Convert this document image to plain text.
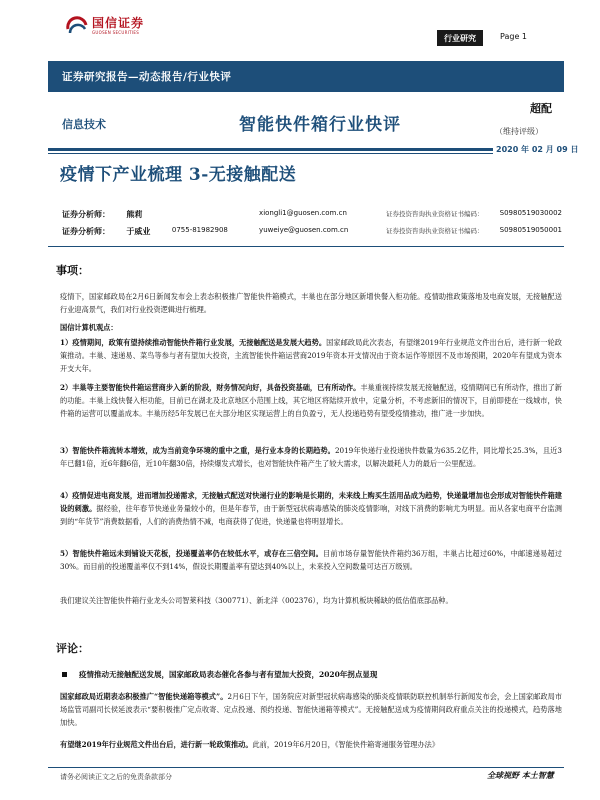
国信证券
GUOSEN SECURITIES
行业研究	Page 1
证券研究报告—动态报告/行业快评
信息技术	智能快件箱行业快评
超配
（维持评级）
2020 年 02 月 09 日
疫情下产业梳理 3-无接触配送
证券分析师：	熊莉	xiongli1@guosen.com.cn	证券投资咨询执业资格证书编码：	S0980519030002
证券分析师：	于威业	0755-81982908	yuweiye@guosen.com.cn	证券投资咨询执业资格证书编码：	S0980519050001
事项：
疫情下，国家邮政局在2月6日新闻发布会上表态积极推广智能快件箱模式，丰巢也在部分地区新增快餐入柜功能。疫情助推政策落地及电商发展，无接触配送行业迎高景气，我们对行业投资逻辑进行梳理。
国信计算机观点：
1）疫情期间，政策有望持续推动智能快件箱行业发展，无接触配送是发展大趋势。国家邮政局此次表态，有望继2019年行业规范文件出台后，进行新一轮政策推动。丰巢、速递易、菜鸟等参与者有望加大投资，主流智能快件箱运营商2019年资本开支情况由于资本运作等原因不及市场预期，2020年有望成为资本开支大年。
2）丰巢等主要智能快件箱运营商步入新的阶段，财务情况向好，具备投资基础，已有所动作。丰巢重视持续发展无接触配送，疫情期间已有所动作，推出了新的功能。丰巢上线快餐入柜功能，目前已在湖北及北京地区小范围上线，其它地区将陆续开放中，定量分析，不考虑新旧的情况下，目前即使在一线城市，快件箱的运营可以覆盖成本。丰巢历经5年发展已在大部分地区实现运营上的自负盈亏，无人投递趋势有望受疫情推动，推广进一步加快。
3）智能快件箱流转本增效，成为当前竞争环境的重中之重，是行业本身的长期趋势。2019年快递行业投递快件数量为635.2亿件，同比增长25.3%，且近3年已翻1倍，近6年翻6倍，近10年翻30倍，持续爆发式增长，也对智能快件箱产生了较大需求，以解决最耗人力的最后一公里配送。
4）疫情促进电商发展，进而增加投递需求，无接触式配送对快递行业的影响是长期的，未来线上购买生活用品成为趋势，快递量增加也会形成对智能快件箱建设的刺激。据经验，往年春节快递业务量较小的，但是年春节，由于新型冠状病毒感染的肺炎疫情影响，对线下消费的影响尤为明显。而从各家电商平台监测到的“年货节”消费数据看，人们的消费热情不减，电商获得了促进，快递量也将明显增长。
5）智能快件箱远未到铺设天花板，投递覆盖率仍在较低水平，或存在三倍空间。目前市场存量智能快件箱约36万组，丰巢占比超过60%，中邮速递易超过30%。而目前的投递覆盖率仅不到14%，假设长期覆盖率有望达到40%以上，未来投入空间数量可达百万级别。
我们建议关注智能快件箱行业龙头公司智莱科技（300771）、新北洋（002376），均为计算机板块稀缺的低估值底部品种。
评论：
疫情推动无接触配送发展，国家邮政局表态催化各参与者有望加大投资，2020年拐点显现
国家邮政局近期表态积极推广“智能快递箱等模式”。2月6日下午，国务院应对新型冠状病毒感染的肺炎疫情联防联控机制举行新闻发布会，会上国家邮政局市场监管司副司长侯延波表示“要积极推广定点收寄、定点投递、预约投递、智能快递箱等模式”。无接触配送成为疫情期间政府重点关注的投递模式，趋势落地加快。
有望继2019年行业规范文件出台后，进行新一轮政策推动。此前，2019年6月20日，《智能快件箱寄递服务管理办法》
请务必阅读正文之后的免责条款部分	全球视野 本土智慧
